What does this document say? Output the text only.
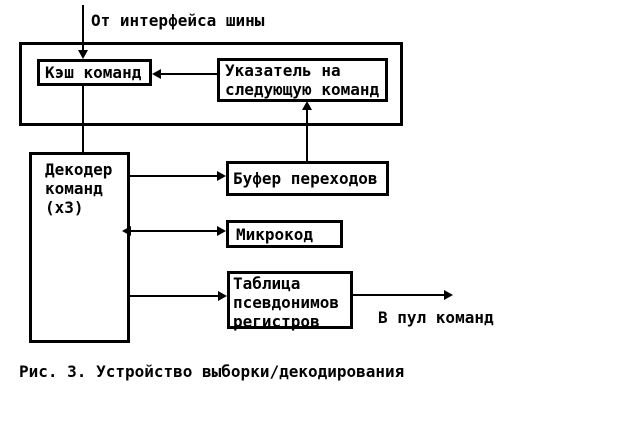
От интерфейса шины
Кэш команд	Указатель на
следующую команд
Декодер
команд
(х3)
Буфер переходов
Микрокод
Таблица
псевдонимов
регистров	В пул команд
Рис. 3. Устройство выборки/декодирования
